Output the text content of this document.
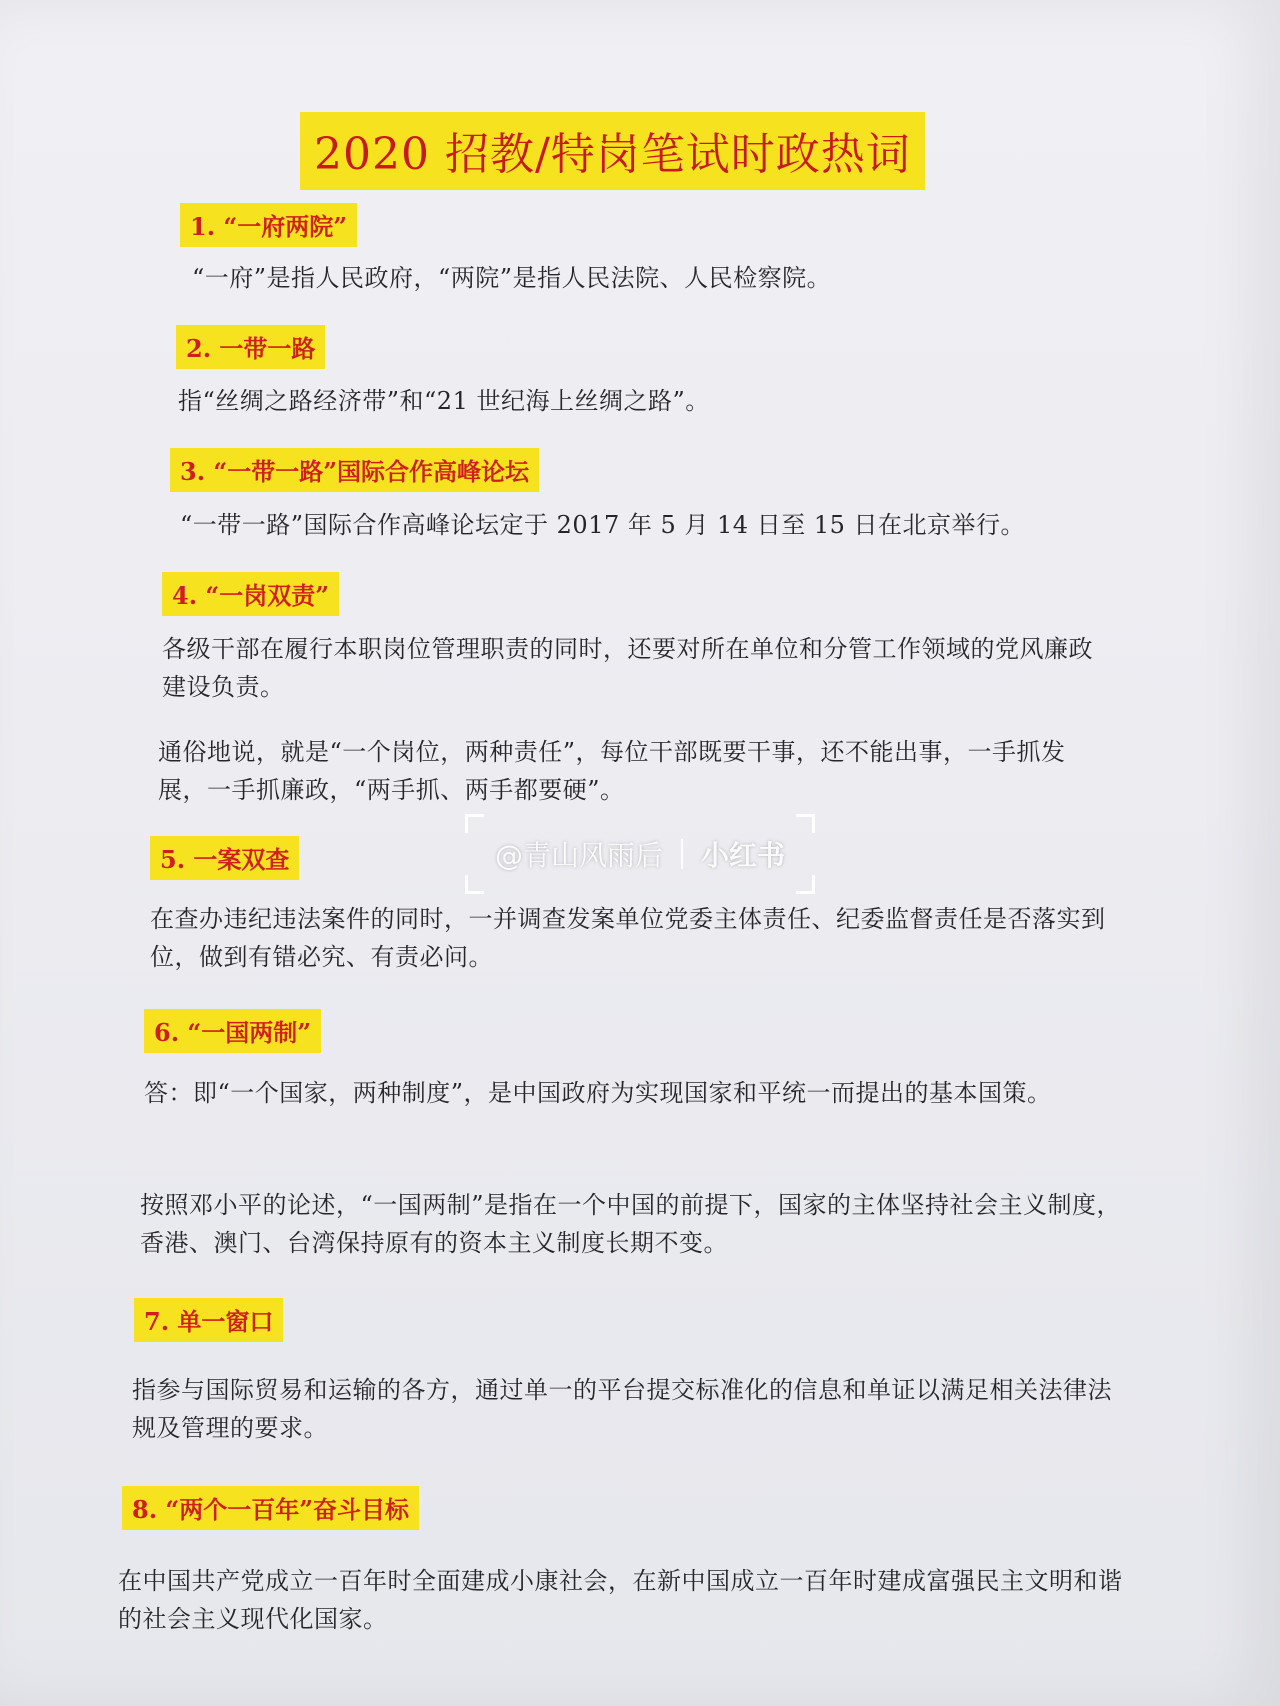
2020 招教/特岗笔试时政热词
1. “一府两院”
“一府”是指人民政府，“两院”是指人民法院、人民检察院。
2. 一带一路
指“丝绸之路经济带”和“21 世纪海上丝绸之路”。
3. “一带一路”国际合作高峰论坛
“一带一路”国际合作高峰论坛定于 2017 年 5 月 14 日至 15 日在北京举行。
4. “一岗双责”
各级干部在履行本职岗位管理职责的同时，还要对所在单位和分管工作领域的党风廉政建设负责。
通俗地说，就是“一个岗位，两种责任”，每位干部既要干事，还不能出事，一手抓发展，一手抓廉政，“两手抓、两手都要硬”。
5. 一案双查
在查办违纪违法案件的同时，一并调查发案单位党委主体责任、纪委监督责任是否落实到位，做到有错必究、有责必问。
6. “一国两制”
答：即“一个国家，两种制度”，是中国政府为实现国家和平统一而提出的基本国策。
按照邓小平的论述，“一国两制”是指在一个中国的前提下，国家的主体坚持社会主义制度，香港、澳门、台湾保持原有的资本主义制度长期不变。
7. 单一窗口
指参与国际贸易和运输的各方，通过单一的平台提交标准化的信息和单证以满足相关法律法规及管理的要求。
8. “两个一百年”奋斗目标
在中国共产党成立一百年时全面建成小康社会，在新中国成立一百年时建成富强民主文明和谐的社会主义现代化国家。
@青山风雨后 小红书
